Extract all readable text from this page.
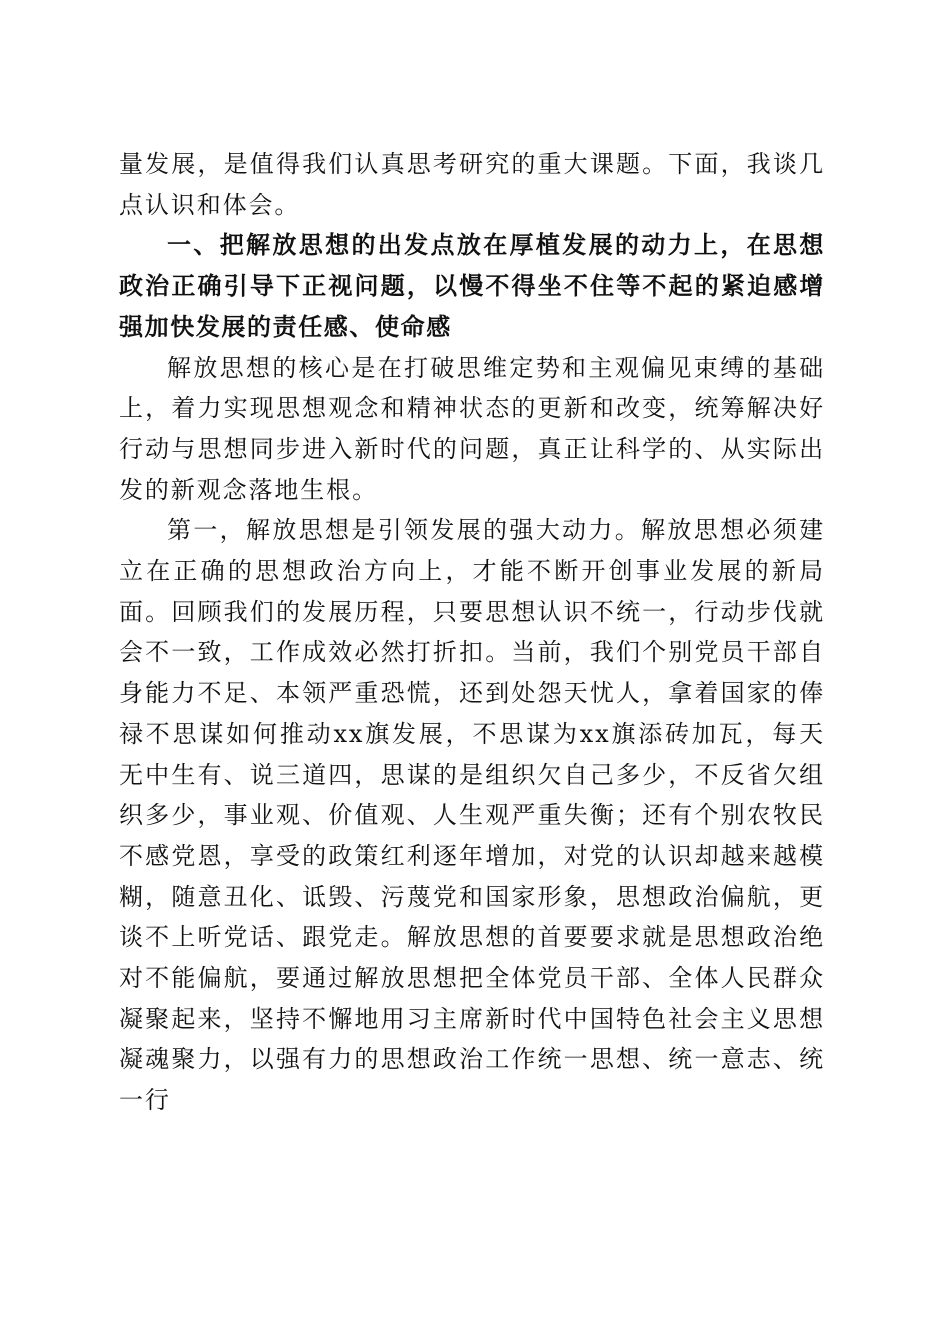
量发展，是值得我们认真思考研究的重大课题。下面，我谈几点认识和体会。

一、把解放思想的出发点放在厚植发展的动力上，在思想政治正确引导下正视问题，以慢不得坐不住等不起的紧迫感增强加快发展的责任感、使命感

解放思想的核心是在打破思维定势和主观偏见束缚的基础上，着力实现思想观念和精神状态的更新和改变，统筹解决好行动与思想同步进入新时代的问题，真正让科学的、从实际出发的新观念落地生根。

第一，解放思想是引领发展的强大动力。解放思想必须建立在正确的思想政治方向上，才能不断开创事业发展的新局面。回顾我们的发展历程，只要思想认识不统一，行动步伐就会不一致，工作成效必然打折扣。当前，我们个别党员干部自身能力不足、本领严重恐慌，还到处怨天忧人，拿着国家的俸禄不思谋如何推动xx旗发展，不思谋为xx旗添砖加瓦，每天无中生有、说三道四，思谋的是组织欠自己多少，不反省欠组织多少，事业观、价值观、人生观严重失衡；还有个别农牧民不感党恩，享受的政策红利逐年增加，对党的认识却越来越模糊，随意丑化、诋毁、污蔑党和国家形象，思想政治偏航，更谈不上听党话、跟党走。解放思想的首要要求就是思想政治绝对不能偏航，要通过解放思想把全体党员干部、全体人民群众凝聚起来，坚持不懈地用习主席新时代中国特色社会主义思想凝魂聚力，以强有力的思想政治工作统一思想、统一意志、统一行
